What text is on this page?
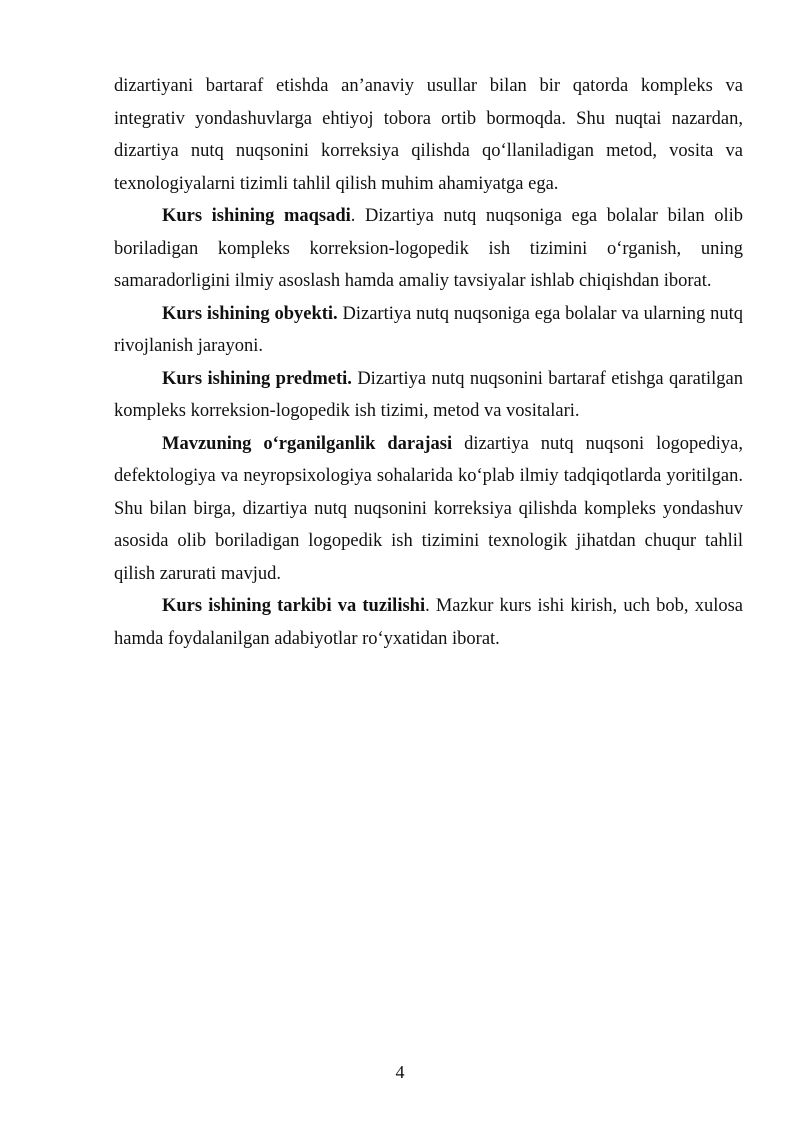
dizartiyani bartaraf etishda an’anaviy usullar bilan bir qatorda kompleks va integrativ yondashuvlarga ehtiyoj tobora ortib bormoqda. Shu nuqtai nazardan, dizartiya nutq nuqsonini korreksiya qilishda qo‘llaniladigan metod, vosita va texnologiyalarni tizimli tahlil qilish muhim ahamiyatga ega.

Kurs ishining maqsadi. Dizartiya nutq nuqsoniga ega bolalar bilan olib boriladigan kompleks korreksion-logopedik ish tizimini o‘rganish, uning samaradorligini ilmiy asoslash hamda amaliy tavsiyalar ishlab chiqishdan iborat.

Kurs ishining obyekti. Dizartiya nutq nuqsoniga ega bolalar va ularning nutq rivojlanish jarayoni.

Kurs ishining predmeti. Dizartiya nutq nuqsonini bartaraf etishga qaratilgan kompleks korreksion-logopedik ish tizimi, metod va vositalari.

Mavzuning o‘rganilganlik darajasi dizartiya nutq nuqsoni logopediya, defektologiya va neyropsixologiya sohalarida ko‘plab ilmiy tadqiqotlarda yoritilgan. Shu bilan birga, dizartiya nutq nuqsonini korreksiya qilishda kompleks yondashuv asosida olib boriladigan logopedik ish tizimini texnologik jihatdan chuqur tahlil qilish zarurati mavjud.

Kurs ishining tarkibi va tuzilishi. Mazkur kurs ishi kirish, uch bob, xulosa hamda foydalanilgan adabiyotlar ro‘yxatidan iborat.

4
